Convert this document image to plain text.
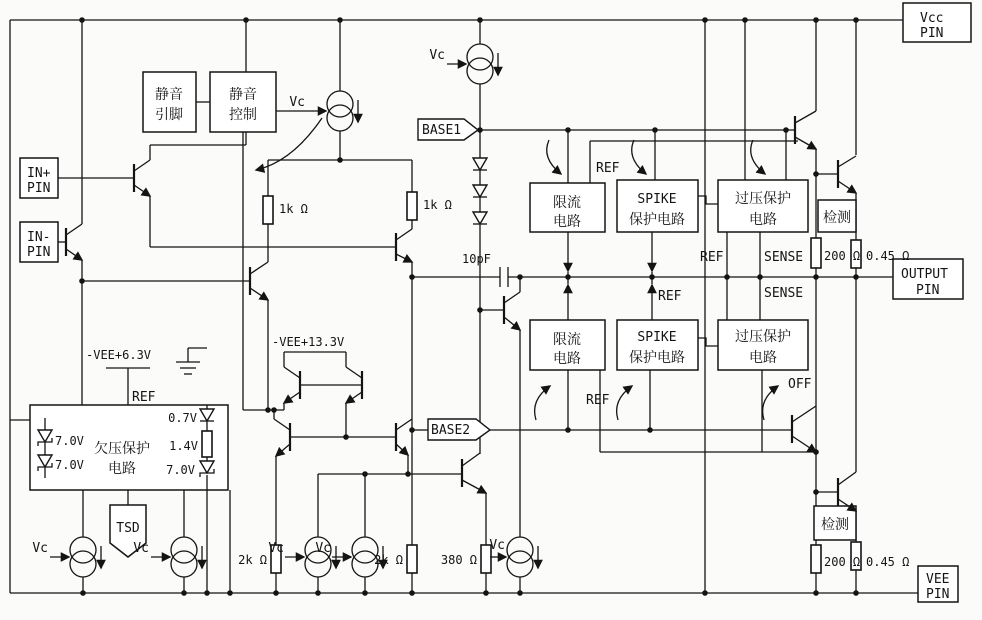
Vcc
PIN
IN+
PIN
IN-
PIN
OUTPUT
PIN
VEE
PIN
静音
引脚
静音
控制
限流
电路
SPIKE
保护电路
过压保护
电路
限流
电路
SPIKE
保护电路
过压保护
电路
欠压保护
电路
TSD
检测
检测
BASE1
BASE2
Vc
Vc
Vc	Vc	Vc Vc	Vc
REF
REF
REF
REF
REF
SENSE
SENSE
OFF
1k Ω	1k Ω
10pF	200 Ω 0.45 Ω
200 Ω 0.45 Ω
2k Ω	2k Ω	380 Ω
-VEE+6.3V
-VEE+13.3V
0.7V
1.4V
7.0V
7.0V
7.0V
